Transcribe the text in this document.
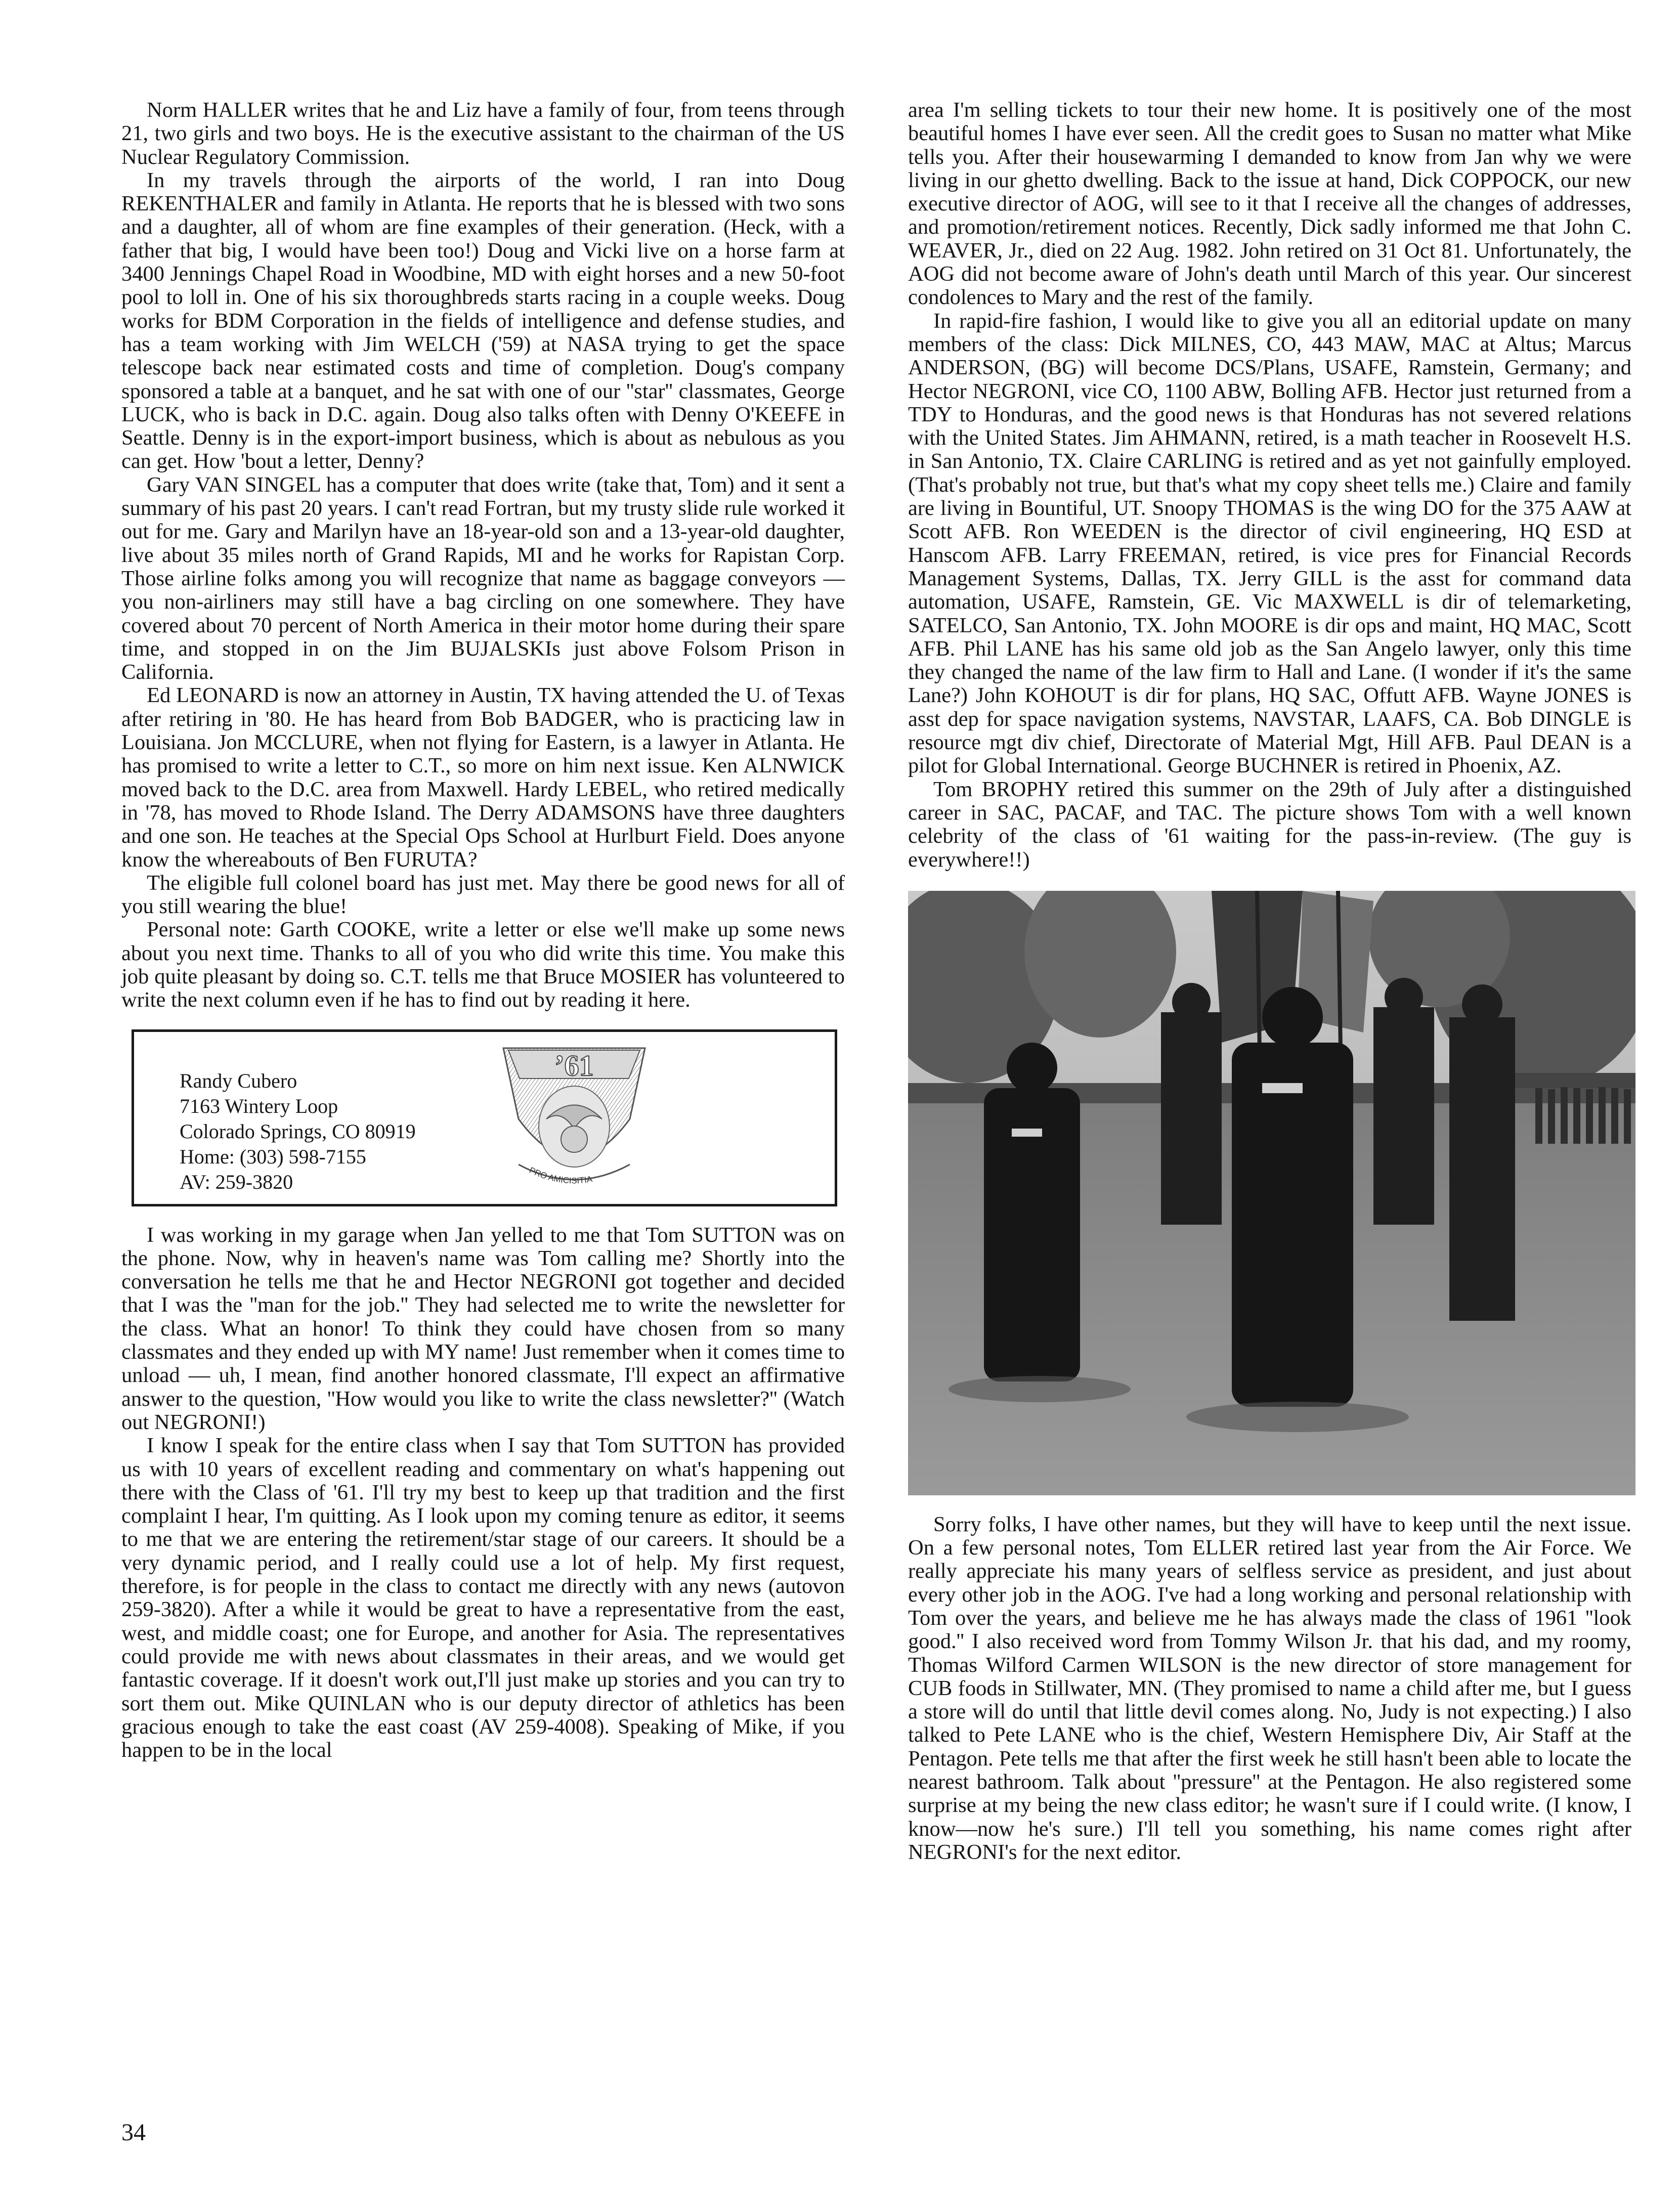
Norm HALLER writes that he and Liz have a family of four, from teens through 21, two girls and two boys. He is the executive assistant to the chairman of the US Nuclear Regulatory Commission.

In my travels through the airports of the world, I ran into Doug REKENTHALER and family in Atlanta. He reports that he is blessed with two sons and a daughter, all of whom are fine examples of their generation. (Heck, with a father that big, I would have been too!) Doug and Vicki live on a horse farm at 3400 Jennings Chapel Road in Woodbine, MD with eight horses and a new 50-foot pool to loll in. One of his six thoroughbreds starts racing in a couple weeks. Doug works for BDM Corporation in the fields of intelligence and defense studies, and has a team working with Jim WELCH ('59) at NASA trying to get the space telescope back near estimated costs and time of completion. Doug's company sponsored a table at a banquet, and he sat with one of our ''star'' classmates, George LUCK, who is back in D.C. again. Doug also talks often with Denny O'KEEFE in Seattle. Denny is in the export-import business, which is about as nebulous as you can get. How 'bout a letter, Denny?

Gary VAN SINGEL has a computer that does write (take that, Tom) and it sent a summary of his past 20 years. I can't read Fortran, but my trusty slide rule worked it out for me. Gary and Marilyn have an 18-year-old son and a 13-year-old daughter, live about 35 miles north of Grand Rapids, MI and he works for Rapistan Corp. Those airline folks among you will recognize that name as baggage conveyors — you non-airliners may still have a bag circling on one somewhere. They have covered about 70 percent of North America in their motor home during their spare time, and stopped in on the Jim BUJALSKIs just above Folsom Prison in California.

Ed LEONARD is now an attorney in Austin, TX having attended the U. of Texas after retiring in '80. He has heard from Bob BADGER, who is practicing law in Louisiana. Jon MCCLURE, when not flying for Eastern, is a lawyer in Atlanta. He has promised to write a letter to C.T., so more on him next issue. Ken ALNWICK moved back to the D.C. area from Maxwell. Hardy LEBEL, who retired medically in '78, has moved to Rhode Island. The Derry ADAMSONS have three daughters and one son. He teaches at the Special Ops School at Hurlburt Field. Does anyone know the whereabouts of Ben FURUTA?

The eligible full colonel board has just met. May there be good news for all of you still wearing the blue!

Personal note: Garth COOKE, write a letter or else we'll make up some news about you next time. Thanks to all of you who did write this time. You make this job quite pleasant by doing so. C.T. tells me that Bruce MOSIER has volunteered to write the next column even if he has to find out by reading it here.

Randy Cubero
7163 Wintery Loop
Colorado Springs, CO 80919
Home: (303) 598-7155
AV: 259-3820
’61
PRO AMICISITIA

I was working in my garage when Jan yelled to me that Tom SUTTON was on the phone. Now, why in heaven's name was Tom calling me? Shortly into the conversation he tells me that he and Hector NEGRONI got together and decided that I was the ''man for the job.'' They had selected me to write the newsletter for the class. What an honor! To think they could have chosen from so many classmates and they ended up with MY name! Just remember when it comes time to unload — uh, I mean, find another honored classmate, I'll expect an affirmative answer to the question, ''How would you like to write the class newsletter?'' (Watch out NEGRONI!)

I know I speak for the entire class when I say that Tom SUTTON has provided us with 10 years of excellent reading and commentary on what's happening out there with the Class of '61. I'll try my best to keep up that tradition and the first complaint I hear, I'm quitting. As I look upon my coming tenure as editor, it seems to me that we are entering the retirement/star stage of our careers. It should be a very dynamic period, and I really could use a lot of help. My first request, therefore, is for people in the class to contact me directly with any news (autovon 259-3820). After a while it would be great to have a representative from the east, west, and middle coast; one for Europe, and another for Asia. The representatives could provide me with news about classmates in their areas, and we would get fantastic coverage. If it doesn't work out,I'll just make up stories and you can try to sort them out. Mike QUINLAN who is our deputy director of athletics has been gracious enough to take the east coast (AV 259-4008). Speaking of Mike, if you happen to be in the local

area I'm selling tickets to tour their new home. It is positively one of the most beautiful homes I have ever seen. All the credit goes to Susan no matter what Mike tells you. After their housewarming I demanded to know from Jan why we were living in our ghetto dwelling. Back to the issue at hand, Dick COPPOCK, our new executive director of AOG, will see to it that I receive all the changes of addresses, and promotion/retirement notices. Recently, Dick sadly informed me that John C. WEAVER, Jr., died on 22 Aug. 1982. John retired on 31 Oct 81. Unfortunately, the AOG did not become aware of John's death until March of this year. Our sincerest condolences to Mary and the rest of the family.

In rapid-fire fashion, I would like to give you all an editorial update on many members of the class: Dick MILNES, CO, 443 MAW, MAC at Altus; Marcus ANDERSON, (BG) will become DCS/Plans, USAFE, Ramstein, Germany; and Hector NEGRONI, vice CO, 1100 ABW, Bolling AFB. Hector just returned from a TDY to Honduras, and the good news is that Honduras has not severed relations with the United States. Jim AHMANN, retired, is a math teacher in Roosevelt H.S. in San Antonio, TX. Claire CARLING is retired and as yet not gainfully employed. (That's probably not true, but that's what my copy sheet tells me.) Claire and family are living in Bountiful, UT. Snoopy THOMAS is the wing DO for the 375 AAW at Scott AFB. Ron WEEDEN is the director of civil engineering, HQ ESD at Hanscom AFB. Larry FREEMAN, retired, is vice pres for Financial Records Management Systems, Dallas, TX. Jerry GILL is the asst for command data automation, USAFE, Ramstein, GE. Vic MAXWELL is dir of telemarketing, SATELCO, San Antonio, TX. John MOORE is dir ops and maint, HQ MAC, Scott AFB. Phil LANE has his same old job as the San Angelo lawyer, only this time they changed the name of the law firm to Hall and Lane. (I wonder if it's the same Lane?) John KOHOUT is dir for plans, HQ SAC, Offutt AFB. Wayne JONES is asst dep for space navigation systems, NAVSTAR, LAAFS, CA. Bob DINGLE is resource mgt div chief, Directorate of Material Mgt, Hill AFB. Paul DEAN is a pilot for Global International. George BUCHNER is retired in Phoenix, AZ.

Tom BROPHY retired this summer on the 29th of July after a distinguished career in SAC, PACAF, and TAC. The picture shows Tom with a well known celebrity of the class of '61 waiting for the pass-in-review. (The guy is everywhere!!)

Sorry folks, I have other names, but they will have to keep until the next issue. On a few personal notes, Tom ELLER retired last year from the Air Force. We really appreciate his many years of selfless service as president, and just about every other job in the AOG. I've had a long working and personal relationship with Tom over the years, and believe me he has always made the class of 1961 ''look good.'' I also received word from Tommy Wilson Jr. that his dad, and my roomy, Thomas Wilford Carmen WILSON is the new director of store management for CUB foods in Stillwater, MN. (They promised to name a child after me, but I guess a store will do until that little devil comes along. No, Judy is not expecting.) I also talked to Pete LANE who is the chief, Western Hemisphere Div, Air Staff at the Pentagon. Pete tells me that after the first week he still hasn't been able to locate the nearest bathroom. Talk about ''pressure'' at the Pentagon. He also registered some surprise at my being the new class editor; he wasn't sure if I could write. (I know, I know—now he's sure.) I'll tell you something, his name comes right after NEGRONI's for the next editor.

34
